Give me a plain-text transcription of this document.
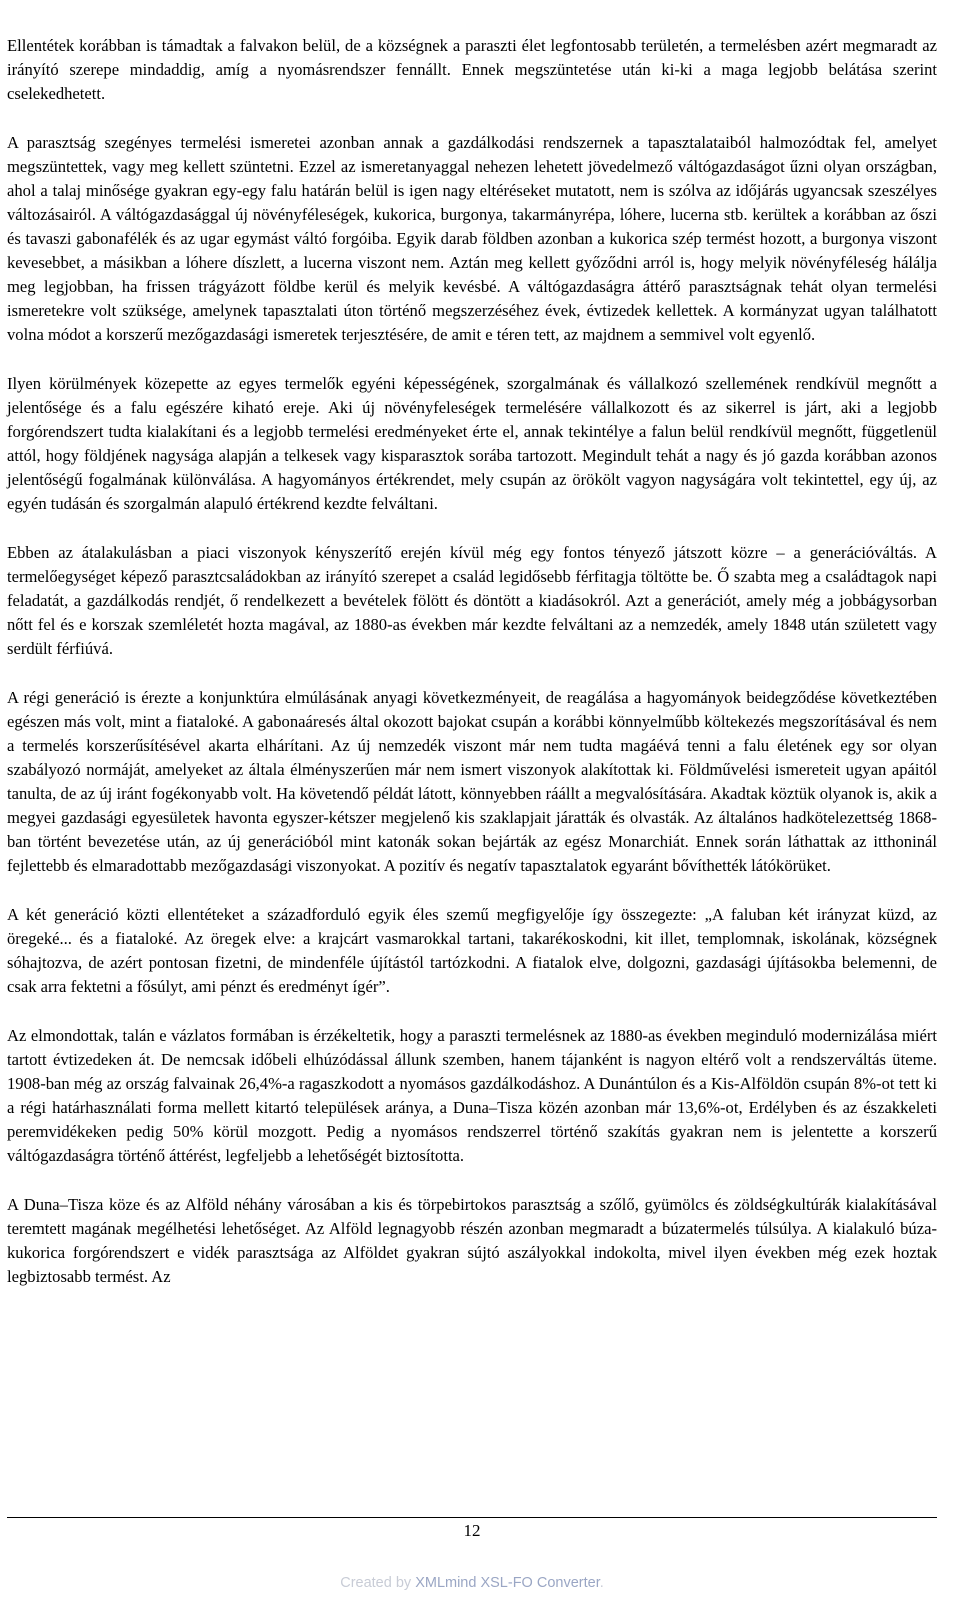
Ellentétek korábban is támadtak a falvakon belül, de a községnek a paraszti élet legfontosabb területén, a termelésben azért megmaradt az irányító szerepe mindaddig, amíg a nyomásrendszer fennállt. Ennek megszüntetése után ki-ki a maga legjobb belátása szerint cselekedhetett.

A parasztság szegényes termelési ismeretei azonban annak a gazdálkodási rendszernek a tapasztalataiból halmozódtak fel, amelyet megszüntettek, vagy meg kellett szüntetni. Ezzel az ismeretanyaggal nehezen lehetett jövedelmező váltógazdaságot űzni olyan országban, ahol a talaj minősége gyakran egy-egy falu határán belül is igen nagy eltéréseket mutatott, nem is szólva az időjárás ugyancsak szeszélyes változásairól. A váltógazdasággal új növényféleségek, kukorica, burgonya, takarmányrépa, lóhere, lucerna stb. kerültek a korábban az őszi és tavaszi gabonafélék és az ugar egymást váltó forgóiba. Egyik darab földben azonban a kukorica szép termést hozott, a burgonya viszont kevesebbet, a másikban a lóhere díszlett, a lucerna viszont nem. Aztán meg kellett győződni arról is, hogy melyik növényféleség hálálja meg legjobban, ha frissen trágyázott földbe kerül és melyik kevésbé. A váltógazdaságra áttérő parasztságnak tehát olyan termelési ismeretekre volt szüksége, amelynek tapasztalati úton történő megszerzéséhez évek, évtizedek kellettek. A kormányzat ugyan találhatott volna módot a korszerű mezőgazdasági ismeretek terjesztésére, de amit e téren tett, az majdnem a semmivel volt egyenlő.

Ilyen körülmények közepette az egyes termelők egyéni képességének, szorgalmának és vállalkozó szellemének rendkívül megnőtt a jelentősége és a falu egészére kiható ereje. Aki új növényfeleségek termelésére vállalkozott és az sikerrel is járt, aki a legjobb forgórendszert tudta kialakítani és a legjobb termelési eredményeket érte el, annak tekintélye a falun belül rendkívül megnőtt, függetlenül attól, hogy földjének nagysága alapján a telkesek vagy kisparasztok sorába tartozott. Megindult tehát a nagy és jó gazda korábban azonos jelentőségű fogalmának különválása. A hagyományos értékrendet, mely csupán az örökölt vagyon nagyságára volt tekintettel, egy új, az egyén tudásán és szorgalmán alapuló értékrend kezdte felváltani.

Ebben az átalakulásban a piaci viszonyok kényszerítő erején kívül még egy fontos tényező játszott közre – a generációváltás. A termelőegységet képező parasztcsaládokban az irányító szerepet a család legidősebb férfitagja töltötte be. Ő szabta meg a családtagok napi feladatát, a gazdálkodás rendjét, ő rendelkezett a bevételek fölött és döntött a kiadásokról. Azt a generációt, amely még a jobbágysorban nőtt fel és e korszak szemléletét hozta magával, az 1880-as években már kezdte felváltani az a nemzedék, amely 1848 után született vagy serdült férfiúvá.

A régi generáció is érezte a konjunktúra elmúlásának anyagi következményeit, de reagálása a hagyományok beidegződése következtében egészen más volt, mint a fiataloké. A gabonaáresés által okozott bajokat csupán a korábbi könnyelműbb költekezés megszorításával és nem a termelés korszerűsítésével akarta elhárítani. Az új nemzedék viszont már nem tudta magáévá tenni a falu életének egy sor olyan szabályozó normáját, amelyeket az általa élményszerűen már nem ismert viszonyok alakítottak ki. Földművelési ismereteit ugyan apáitól tanulta, de az új iránt fogékonyabb volt. Ha követendő példát látott, könnyebben ráállt a megvalósítására. Akadtak köztük olyanok is, akik a megyei gazdasági egyesületek havonta egyszer-kétszer megjelenő kis szaklapjait járatták és olvasták. Az általános hadkötelezettség 1868-ban történt bevezetése után, az új generációból mint katonák sokan bejárták az egész Monarchiát. Ennek során láthattak az itthoninál fejlettebb és elmaradottabb mezőgazdasági viszonyokat. A pozitív és negatív tapasztalatok egyaránt bővíthették látókörüket.

A két generáció közti ellentéteket a századforduló egyik éles szemű megfigyelője így összegezte: „A faluban két irányzat küzd, az öregeké... és a fiataloké. Az öregek elve: a krajcárt vasmarokkal tartani, takarékoskodni, kit illet, templomnak, iskolának, községnek sóhajtozva, de azért pontosan fizetni, de mindenféle újítástól tartózkodni. A fiatalok elve, dolgozni, gazdasági újításokba belemenni, de csak arra fektetni a fősúlyt, ami pénzt és eredményt ígér”.

Az elmondottak, talán e vázlatos formában is érzékeltetik, hogy a paraszti termelésnek az 1880-as években meginduló modernizálása miért tartott évtizedeken át. De nemcsak időbeli elhúzódással állunk szemben, hanem tájanként is nagyon eltérő volt a rendszerváltás üteme. 1908-ban még az ország falvainak 26,4%-a ragaszkodott a nyomásos gazdálkodáshoz. A Dunántúlon és a Kis-Alföldön csupán 8%-ot tett ki a régi határhasználati forma mellett kitartó települések aránya, a Duna–Tisza közén azonban már 13,6%-ot, Erdélyben és az északkeleti peremvidékeken pedig 50% körül mozgott. Pedig a nyomásos rendszerrel történő szakítás gyakran nem is jelentette a korszerű váltógazdaságra történő áttérést, legfeljebb a lehetőségét biztosította.

A Duna–Tisza köze és az Alföld néhány városában a kis és törpebirtokos parasztság a szőlő, gyümölcs és zöldségkultúrák kialakításával teremtett magának megélhetési lehetőséget. Az Alföld legnagyobb részén azonban megmaradt a búzatermelés túlsúlya. A kialakuló búza-kukorica forgórendszert e vidék parasztsága az Alföldet gyakran sújtó aszályokkal indokolta, mivel ilyen években még ezek hoztak legbiztosabb termést. Az

12
Created by XMLmind XSL-FO Converter.
